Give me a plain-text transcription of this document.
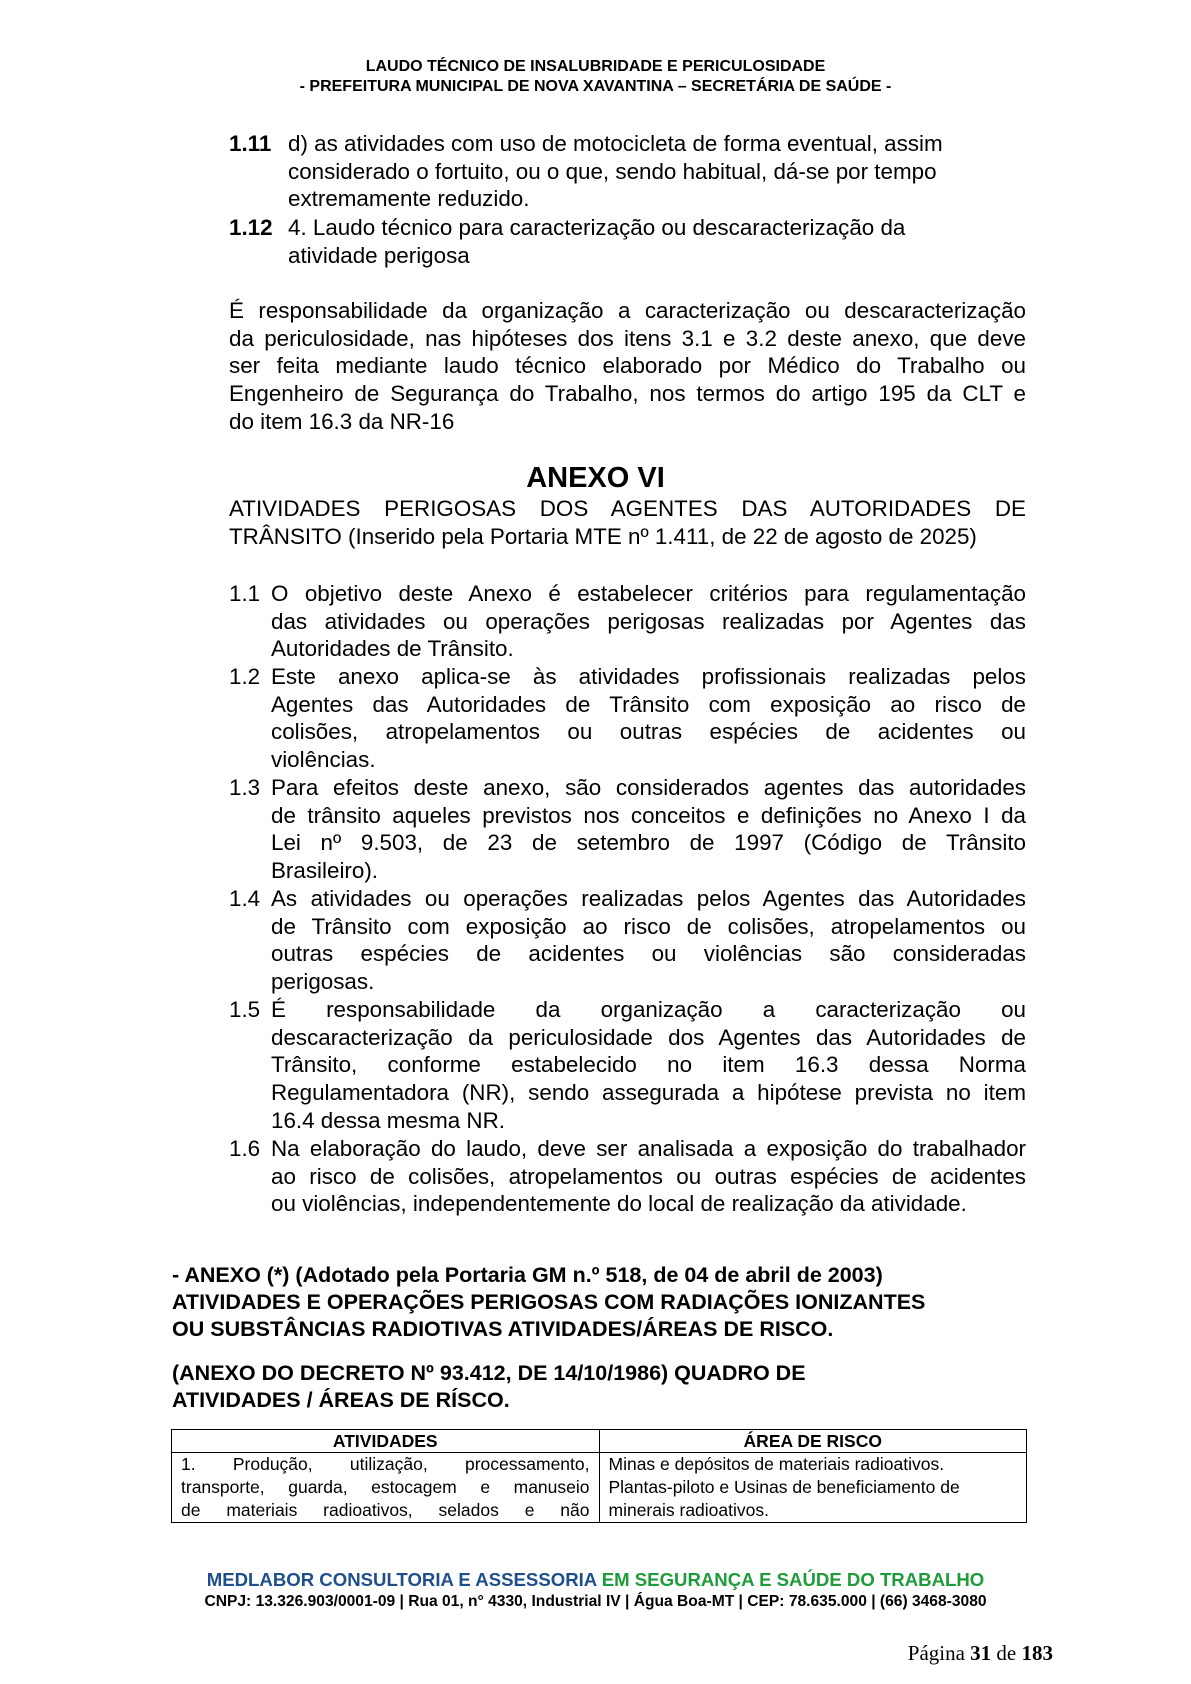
LAUDO TÉCNICO DE INSALUBRIDADE E PERICULOSIDADE
- PREFEITURA MUNICIPAL DE NOVA XAVANTINA – SECRETÁRIA DE SAÚDE -
1.11 d) as atividades com uso de motocicleta de forma eventual, assim
considerado o fortuito, ou o que, sendo habitual, dá-se por tempo
extremamente reduzido.
1.12 4. Laudo técnico para caracterização ou descaracterização da
atividade perigosa
É responsabilidade da organização a caracterização ou descaracterização
da periculosidade, nas hipóteses dos itens 3.1 e 3.2 deste anexo, que deve
ser feita mediante laudo técnico elaborado por Médico do Trabalho ou
Engenheiro de Segurança do Trabalho, nos termos do artigo 195 da CLT e
do item 16.3 da NR-16
ANEXO VI
ATIVIDADES PERIGOSAS DOS AGENTES DAS AUTORIDADES DE
TRÂNSITO (Inserido pela Portaria MTE nº 1.411, de 22 de agosto de 2025)
1.1 O objetivo deste Anexo é estabelecer critérios para regulamentação
das atividades ou operações perigosas realizadas por Agentes das
Autoridades de Trânsito.
1.2 Este anexo aplica-se às atividades profissionais realizadas pelos
Agentes das Autoridades de Trânsito com exposição ao risco de
colisões, atropelamentos ou outras espécies de acidentes ou
violências.
1.3 Para efeitos deste anexo, são considerados agentes das autoridades
de trânsito aqueles previstos nos conceitos e definições no Anexo I da
Lei nº 9.503, de 23 de setembro de 1997 (Código de Trânsito
Brasileiro).
1.4 As atividades ou operações realizadas pelos Agentes das Autoridades
de Trânsito com exposição ao risco de colisões, atropelamentos ou
outras espécies de acidentes ou violências são consideradas
perigosas.
1.5 É responsabilidade da organização a caracterização ou
descaracterização da periculosidade dos Agentes das Autoridades de
Trânsito, conforme estabelecido no item 16.3 dessa Norma
Regulamentadora (NR), sendo assegurada a hipótese prevista no item
16.4 dessa mesma NR.
1.6 Na elaboração do laudo, deve ser analisada a exposição do trabalhador
ao risco de colisões, atropelamentos ou outras espécies de acidentes
ou violências, independentemente do local de realização da atividade.
- ANEXO (*) (Adotado pela Portaria GM n.º 518, de 04 de abril de 2003)
ATIVIDADES E OPERAÇÕES PERIGOSAS COM RADIAÇÕES IONIZANTES
OU SUBSTÂNCIAS RADIOTIVAS ATIVIDADES/ÁREAS DE RISCO.
(ANEXO DO DECRETO Nº 93.412, DE 14/10/1986) QUADRO DE
ATIVIDADES / ÁREAS DE RÍSCO.
ATIVIDADES	ÁREA DE RISCO

1. Produção, utilização, processamento,
transporte, guarda, estocagem e manuseio
de materiais radioativos, selados e não	Minas e depósitos de materiais radioativos.
Plantas-piloto e Usinas de beneficiamento de
minerais radioativos.
MEDLABOR CONSULTORIA E ASSESSORIA EM SEGURANÇA E SAÚDE DO TRABALHO
CNPJ: 13.326.903/0001-09 | Rua 01, n° 4330, Industrial IV | Água Boa-MT | CEP: 78.635.000 | (66) 3468-3080
Página 31 de 183
